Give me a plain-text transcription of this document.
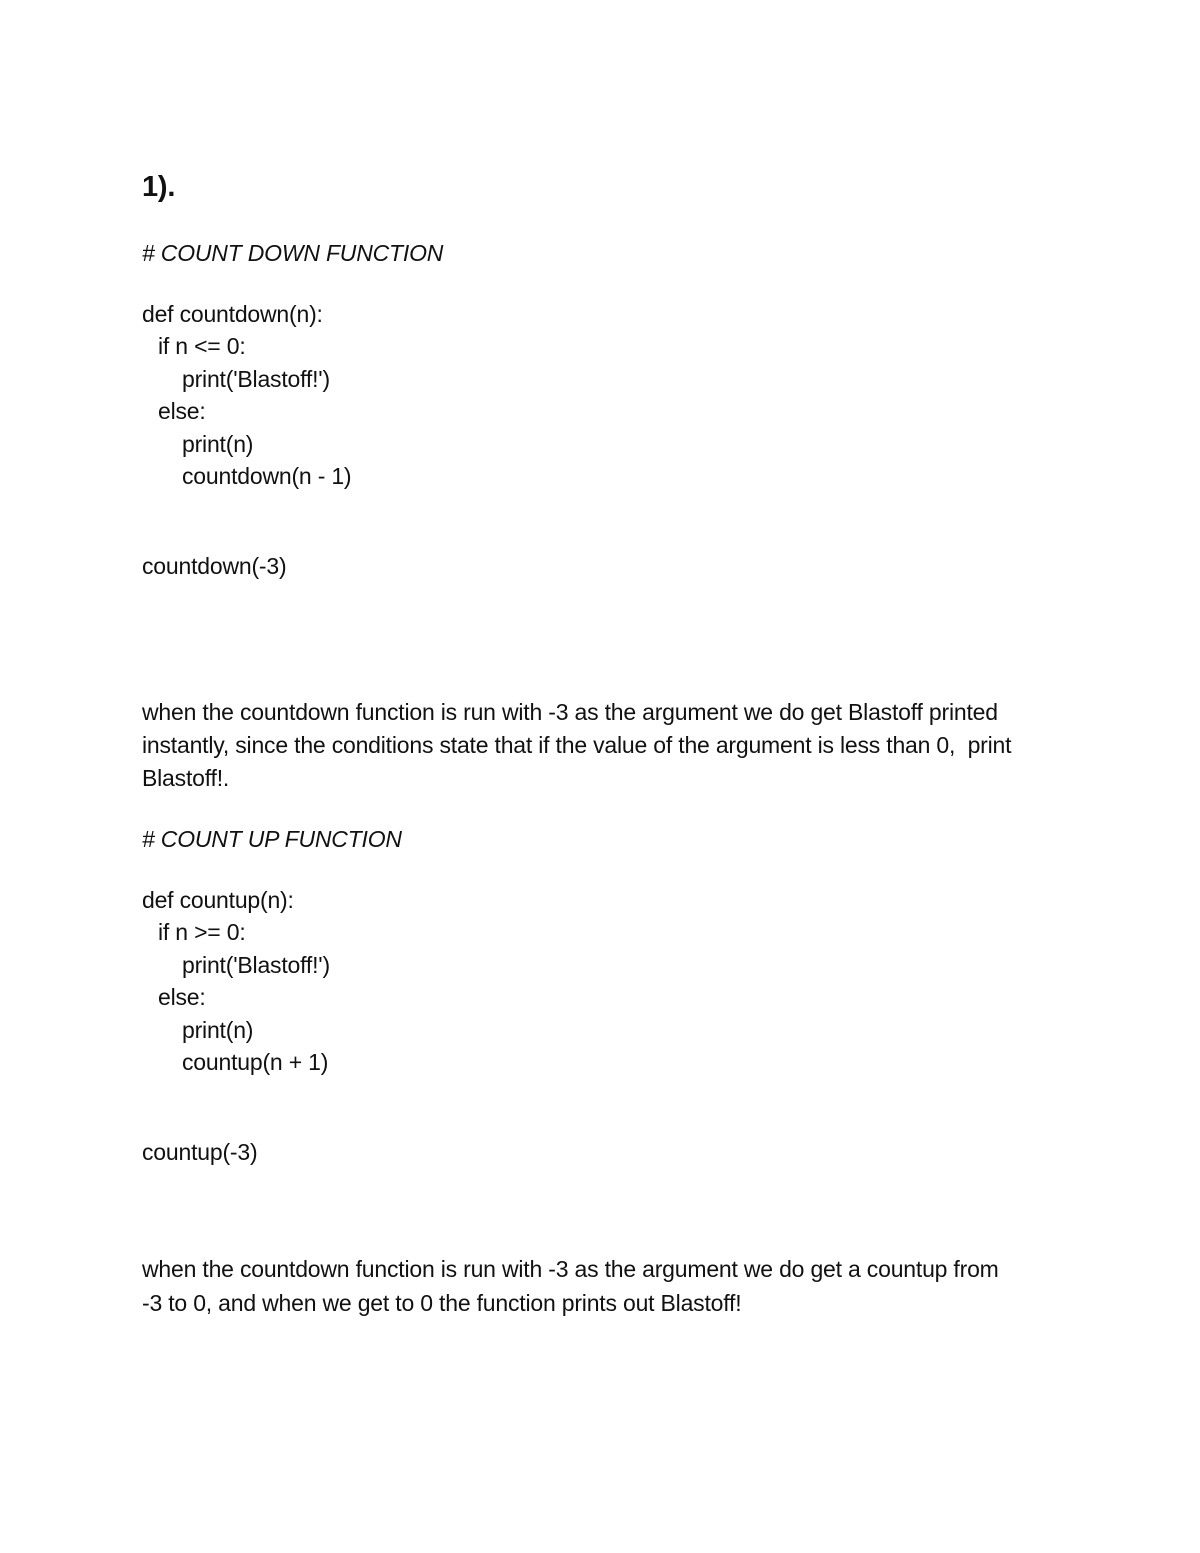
1).
# COUNT DOWN FUNCTION
def countdown(n):
if n <= 0:
print('Blastoff!')
else:
print(n)
countdown(n - 1)
countdown(-3)
when the countdown function is run with -3 as the argument we do get Blastoff printed
instantly, since the conditions state that if the value of the argument is less than 0,  print
Blastoff!.
# COUNT UP FUNCTION
def countup(n):
if n >= 0:
print('Blastoff!')
else:
print(n)
countup(n + 1)
countup(-3)
when the countdown function is run with -3 as the argument we do get a countup from
-3 to 0, and when we get to 0 the function prints out Blastoff!
